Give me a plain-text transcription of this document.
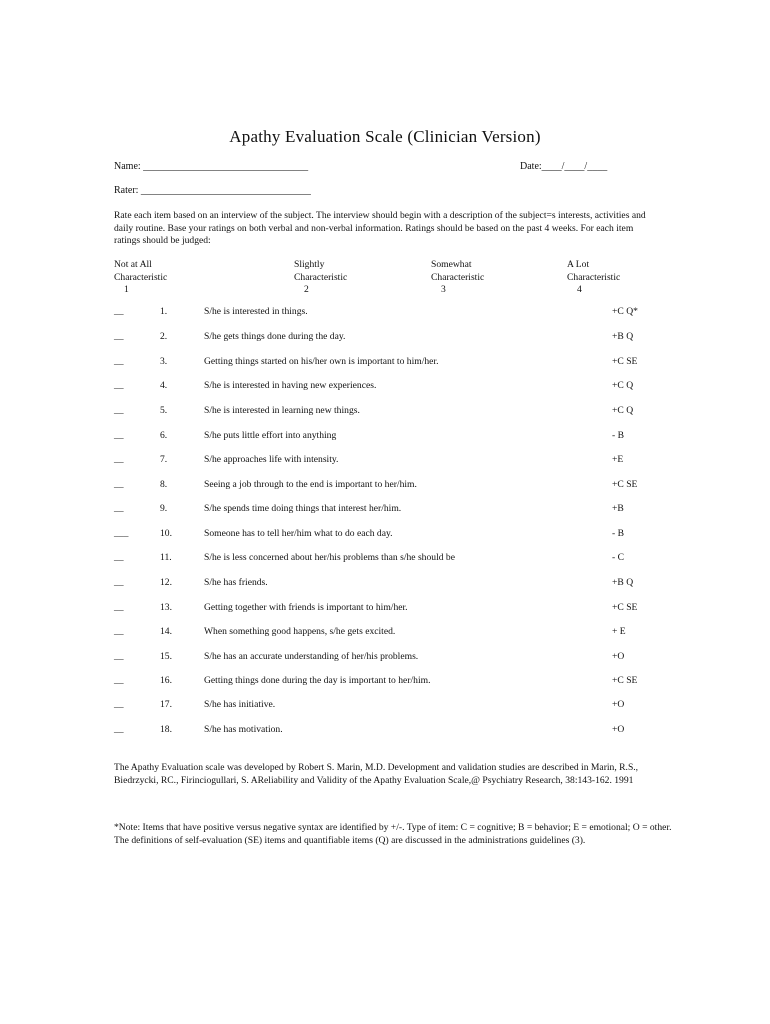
Apathy Evaluation Scale (Clinician Version)
Name: _________________________________	Date:____/____/____
Rater: __________________________________
Rate each item based on an interview of the subject. The interview should begin with a description of the subject=s interests, activities and daily routine. Base your ratings on both verbal and non-verbal information. Ratings should be based on the past 4 weeks. For each item ratings should be judged:
Not at All
Characteristic
1
Slightly
Characteristic
2
Somewhat
Characteristic
3
A Lot
Characteristic
4
__	1.	S/he is interested in things.	+C Q*
__	2.	S/he gets things done during the day.	+B Q
__	3.	Getting things started on his/her own is important to him/her.	+C SE
__	4.	S/he is interested in having new experiences.	+C Q
__	5.	S/he is interested in learning new things.	+C Q
__	6.	S/he puts little effort into anything	- B
__	7.	S/he approaches life with intensity.	+E
__	8.	Seeing a job through to the end is important to her/him.	+C SE
__	9.	S/he spends time doing things that interest her/him.	+B
___	10.	Someone has to tell her/him what to do each day.	- B
__	11.	S/he is less concerned about her/his problems than s/he should be	- C
__	12.	S/he has friends.	+B Q
__	13.	Getting together with friends is important to him/her.	+C SE
__	14.	When something good happens, s/he gets excited.	+ E
__	15.	S/he has an accurate understanding of her/his problems.	+O
__	16.	Getting things done during the day is important to her/him.	+C SE
__	17.	S/he has initiative.	+O
__	18.	S/he has motivation.	+O
The Apathy Evaluation scale was developed by Robert S. Marin, M.D. Development and validation studies are described in Marin, R.S., Biedrzycki, RC., Firinciogullari, S. AReliability and Validity of the Apathy Evaluation Scale,@ Psychiatry Research, 38:143-162. 1991
*Note: Items that have positive versus negative syntax are identified by +/-. Type of item: C = cognitive; B = behavior; E = emotional; O = other. The definitions of self-evaluation (SE) items and quantifiable items (Q) are discussed in the administrations guidelines (3).
